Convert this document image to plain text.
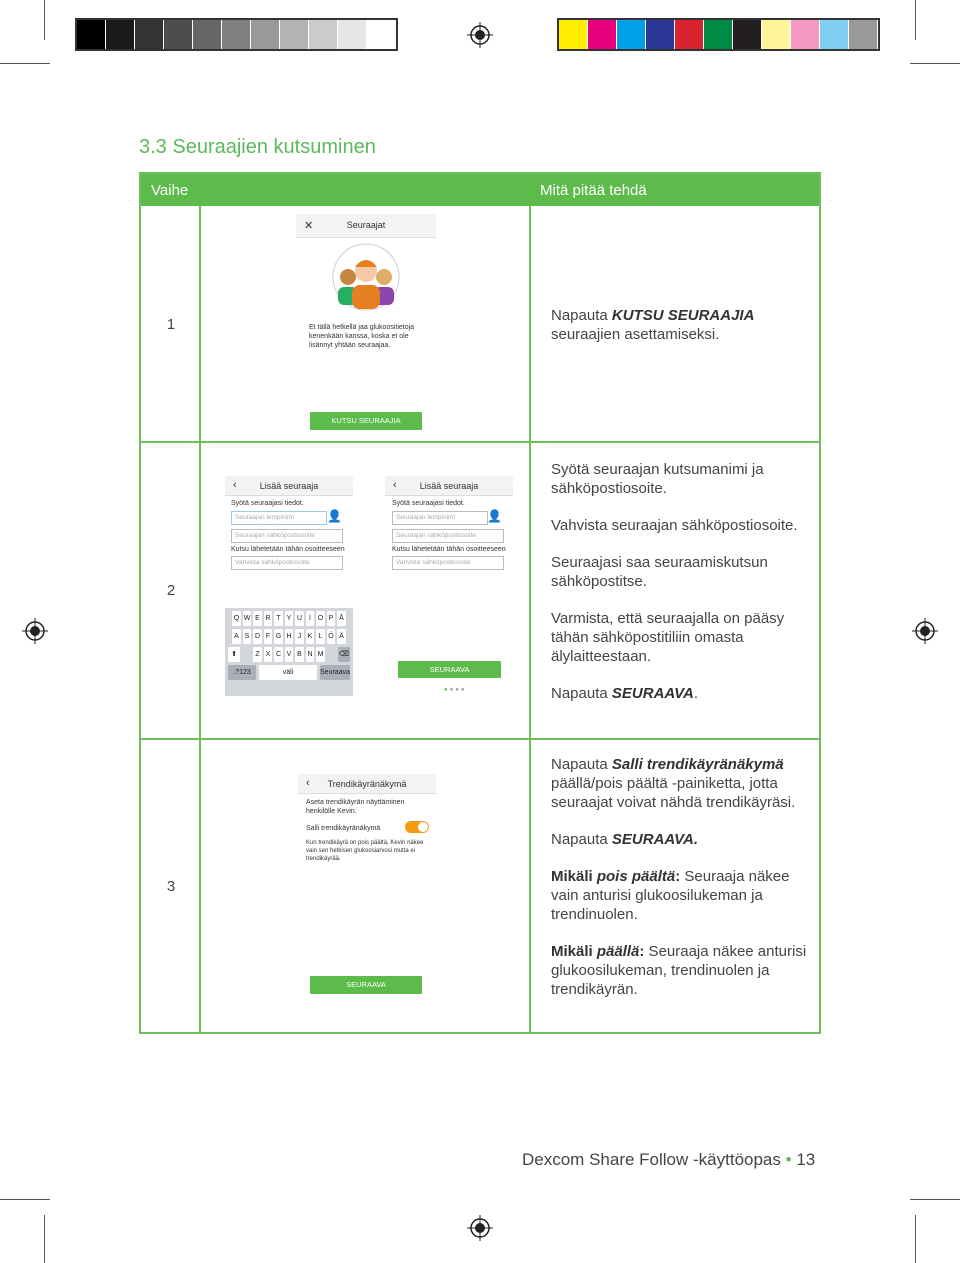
3.3 Seuraajien kutsuminen
Vaihe	Mitä pitää tehdä
1
✕	Seuraajat
Et tällä hetkellä jaa glukoositietoja kenenkään kanssa, koska et ole lisännyt yhtään seuraajaa.
KUTSU SEURAAJIA

Napauta KUTSU SEURAAJIA seuraajien asettamiseksi.

2
‹	Lisää seuraaja
Syötä seuraajasi tiedot.
Seuraajan lempinimi	👤
Seuraajan sähköpostiosoite
Kutsu lähetetään tähän osoitteeseen
Vahvista sähköpostiosoite
Q W E R T Y U I O P Å
A S D F G H J K L Ö Ä
⬆	Z X C V B N M ⌫
.?123	väli	Seuraava
‹	Lisää seuraaja
Syötä seuraajasi tiedot.
Seuraajan lempinimi	👤
Seuraajan sähköpostiosoite
Kutsu lähetetään tähän osoitteeseen
Vahvista sähköpostiosoite
SEURAAVA
●●●●

Syötä seuraajan kutsumanimi ja sähköpostiosoite.

Vahvista seuraajan sähköpostiosoite.

Seuraajasi saa seuraamiskutsun sähköpostitse.

Varmista, että seuraajalla on pääsy tähän sähköpostitiliin omasta älylaitteestaan.

Napauta SEURAAVA.

3
‹	Trendikäyränäkymä
Aseta trendikäyrän näyttäminen henkilölle Kevin.
Salli trendikäyränäkymä
Kun trendikäyrä on pois päältä, Kevin näkee vain sen hetkisen glukoosiarvosi mutta ei trendikäyrää.
SEURAAVA

Napauta Salli trendikäyränäkymä päällä/pois päältä -painiketta, jotta seuraajat voivat nähdä trendikäyräsi.

Napauta SEURAAVA.

Mikäli pois päältä: Seuraaja näkee vain anturisi glukoosilukeman ja trendinuolen.

Mikäli päällä: Seuraaja näkee anturisi glukoosilukeman, trendinuolen ja trendikäyrän.

Dexcom Share Follow -käyttöopas • 13
